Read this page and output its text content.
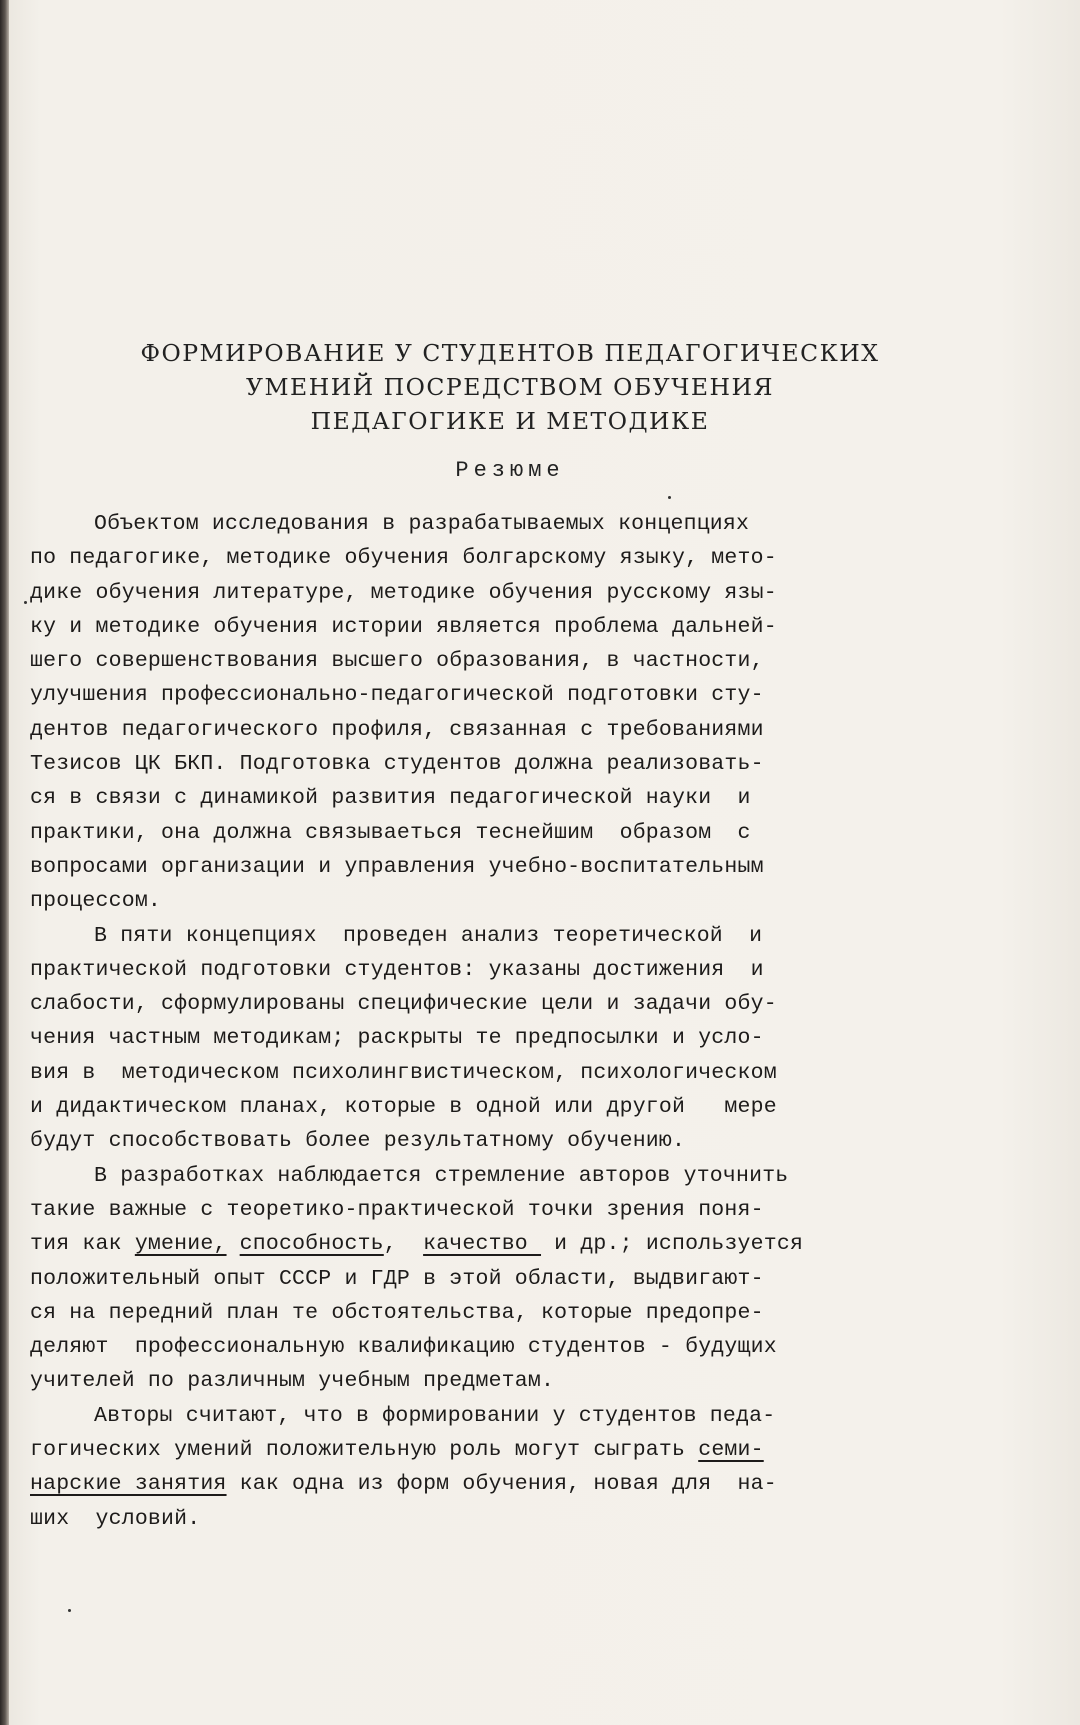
ФОРМИРОВАНИЕ У СТУДЕНТОВ ПЕДАГОГИЧЕСКИХ
УМЕНИЙ ПОСРЕДСТВОМ ОБУЧЕНИЯ
ПЕДАГОГИКЕ И МЕТОДИКЕ
Резюме
Объектом исследования в разрабатываемых концепциях
по педагогике, методике обучения болгарскому языку, мето-
дике обучения литературе, методике обучения русскому язы-
ку и методике обучения истории является проблема дальней-
шего совершенствования высшего образования, в частности,
улучшения профессионально-педагогической подготовки сту-
дентов педагогического профиля, связанная с требованиями
Тезисов ЦК БКП. Подготовка студентов должна реализовать-
ся в связи с динамикой развития педагогической науки  и
практики, она должна связываеться теснейшим  образом  с
вопросами организации и управления учебно-воспитательным
процессом.
В пяти концепциях  проведен анализ теоретической  и
практической подготовки студентов: указаны достижения  и
слабости, сформулированы специфические цели и задачи обу-
чения частным методикам; раскрыты те предпосылки и усло-
вия в  методическом психолингвистическом, психологическом
и дидактическом планах, которые в одной или другой   мере
будут способствовать более результатному обучению.
В разработках наблюдается стремление авторов уточнить
такие важные с теоретико-практической точки зрения поня-
тия как умение, способность,  качество  и др.; используется
положительный опыт СССР и ГДР в этой области, выдвигают-
ся на передний план те обстоятельства, которые предопре-
деляют  профессиональную квалификацию студентов - будущих
учителей по различным учебным предметам.
Авторы считают, что в формировании у студентов педа-
гогических умений положительную роль могут сыграть семи-
нарские занятия как одна из форм обучения, новая для  на-
ших  условий.
